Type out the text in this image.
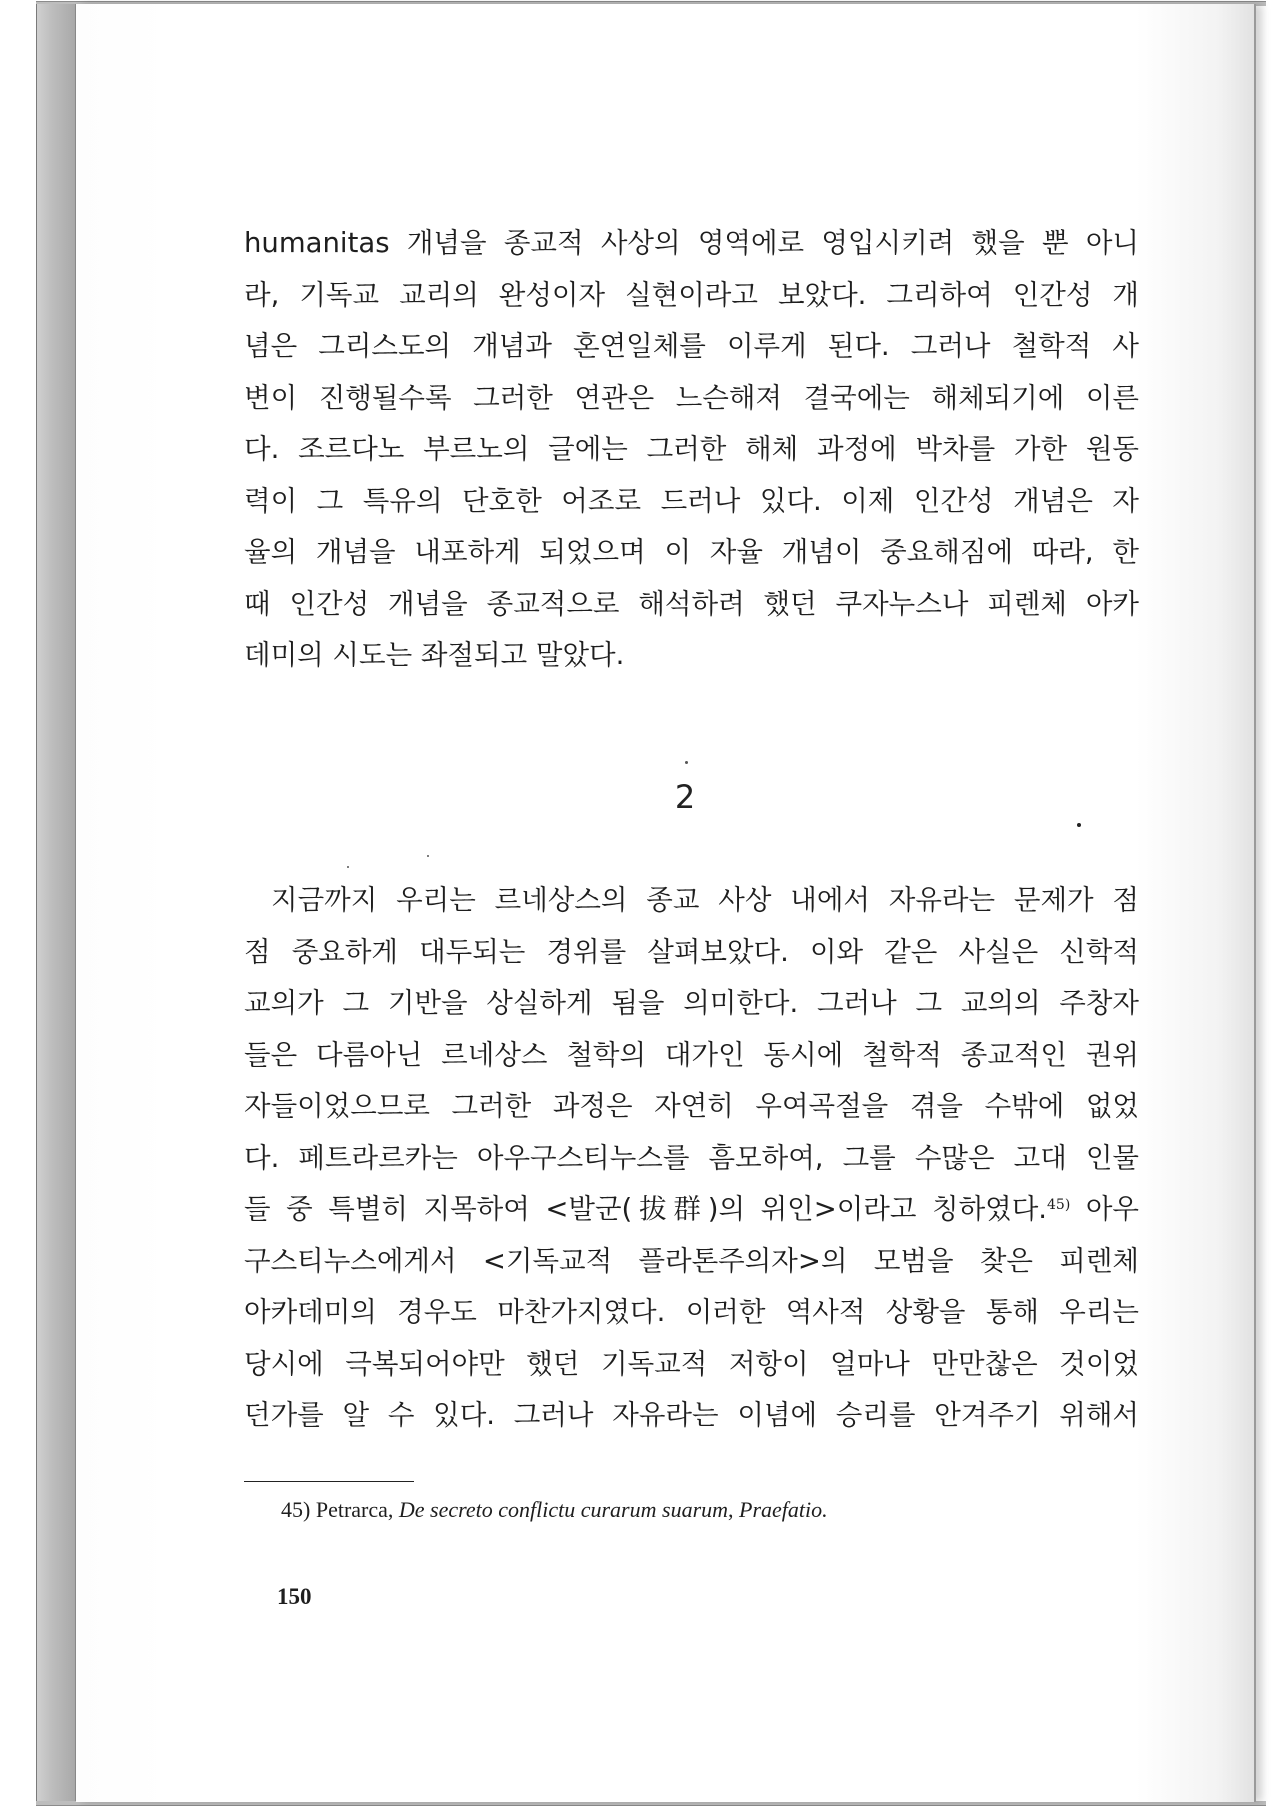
humanitas 개념을 종교적 사상의 영역에로 영입시키려 했을 뿐 아니
라, 기독교 교리의 완성이자 실현이라고 보았다. 그리하여 인간성 개
념은 그리스도의 개념과 혼연일체를 이루게 된다. 그러나 철학적 사
변이 진행될수록 그러한 연관은 느슨해져 결국에는 해체되기에 이른
다. 조르다노 부르노의 글에는 그러한 해체 과정에 박차를 가한 원동
력이 그 특유의 단호한 어조로 드러나 있다. 이제 인간성 개념은 자
율의 개념을 내포하게 되었으며 이 자율 개념이 중요해짐에 따라, 한
때 인간성 개념을 종교적으로 해석하려 했던 쿠자누스나 피렌체 아카
데미의 시도는 좌절되고 말았다.
2
지금까지 우리는 르네상스의 종교 사상 내에서 자유라는 문제가 점
점 중요하게 대두되는 경위를 살펴보았다. 이와 같은 사실은 신학적
교의가 그 기반을 상실하게 됨을 의미한다. 그러나 그 교의의 주창자
들은 다름아닌 르네상스 철학의 대가인 동시에 철학적 종교적인 권위
자들이었으므로 그러한 과정은 자연히 우여곡절을 겪을 수밖에 없었
다. 페트라르카는 아우구스티누스를 흠모하여, 그를 수많은 고대 인물
들 중 특별히 지목하여 <발군(拔群)의 위인>이라고 칭하였다.$^{45)}$ 아우
구스티누스에게서 <기독교적 플라톤주의자>의 모범을 찾은 피렌체
아카데미의 경우도 마찬가지였다. 이러한 역사적 상황을 통해 우리는
당시에 극복되어야만 했던 기독교적 저항이 얼마나 만만찮은 것이었
던가를 알 수 있다. 그러나 자유라는 이념에 승리를 안겨주기 위해서
45) Petrarca, De secreto conflictu curarum suarum, Praefatio.
150
